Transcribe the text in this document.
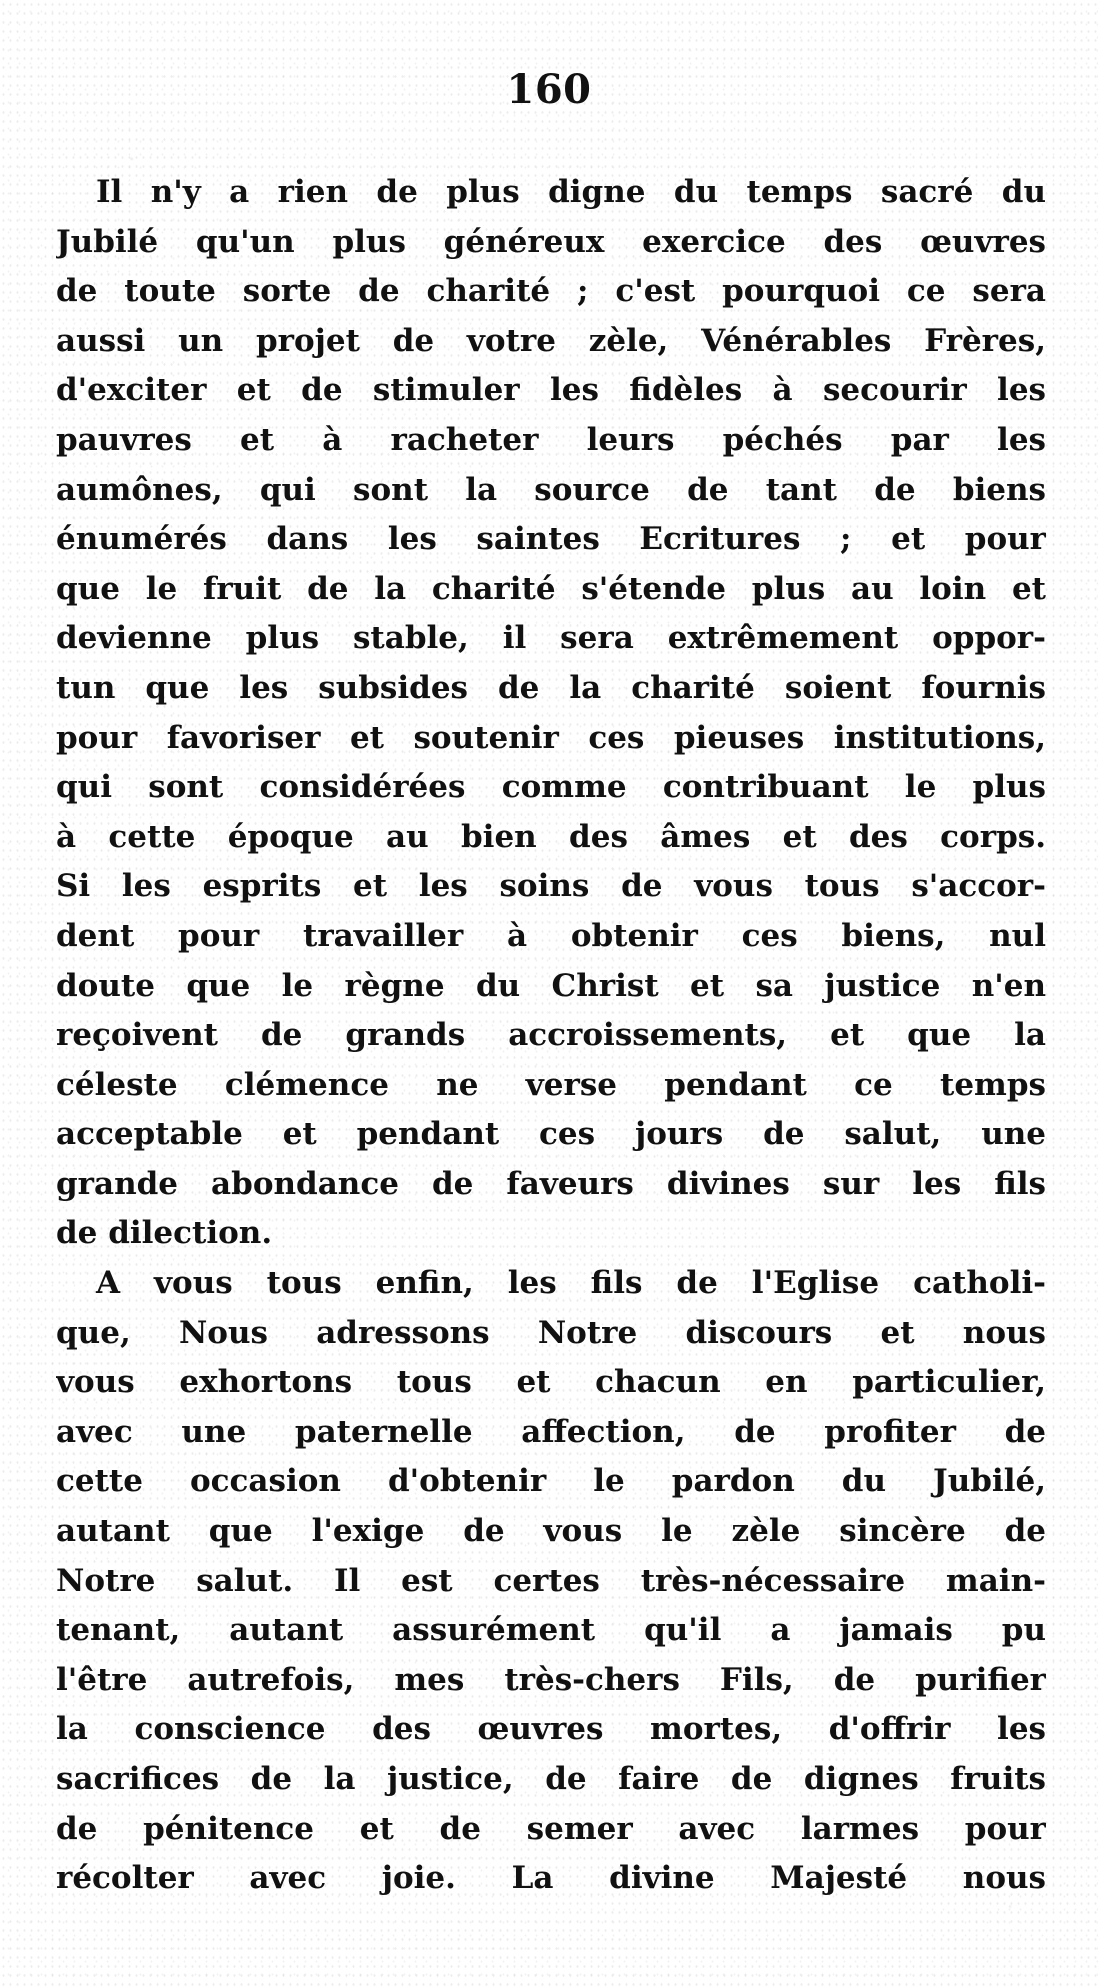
160
Il n'y a rien de plus digne du temps sacré du
Jubilé qu'un plus généreux exercice des œuvres
de toute sorte de charité ; c'est pourquoi ce sera
aussi un projet de votre zèle, Vénérables Frères,
d'exciter et de stimuler les fidèles à secourir les
pauvres et à racheter leurs péchés par les
aumônes, qui sont la source de tant de biens
énumérés dans les saintes Ecritures ; et pour
que le fruit de la charité s'étende plus au loin et
devienne plus stable, il sera extrêmement oppor-
tun que les subsides de la charité soient fournis
pour favoriser et soutenir ces pieuses institutions,
qui sont considérées comme contribuant le plus
à cette époque au bien des âmes et des corps.
Si les esprits et les soins de vous tous s'accor-
dent pour travailler à obtenir ces biens, nul
doute que le règne du Christ et sa justice n'en
reçoivent de grands accroissements, et que la
céleste clémence ne verse pendant ce temps
acceptable et pendant ces jours de salut, une
grande abondance de faveurs divines sur les fils
de dilection.
A vous tous enfin, les fils de l'Eglise catholi-
que, Nous adressons Notre discours et nous
vous exhortons tous et chacun en particulier,
avec une paternelle affection, de profiter de
cette occasion d'obtenir le pardon du Jubilé,
autant que l'exige de vous le zèle sincère de
Notre salut. Il est certes très-nécessaire main-
tenant, autant assurément qu'il a jamais pu
l'être autrefois, mes très-chers Fils, de purifier
la conscience des œuvres mortes, d'offrir les
sacrifices de la justice, de faire de dignes fruits
de pénitence et de semer avec larmes pour
récolter avec joie. La divine Majesté nous
